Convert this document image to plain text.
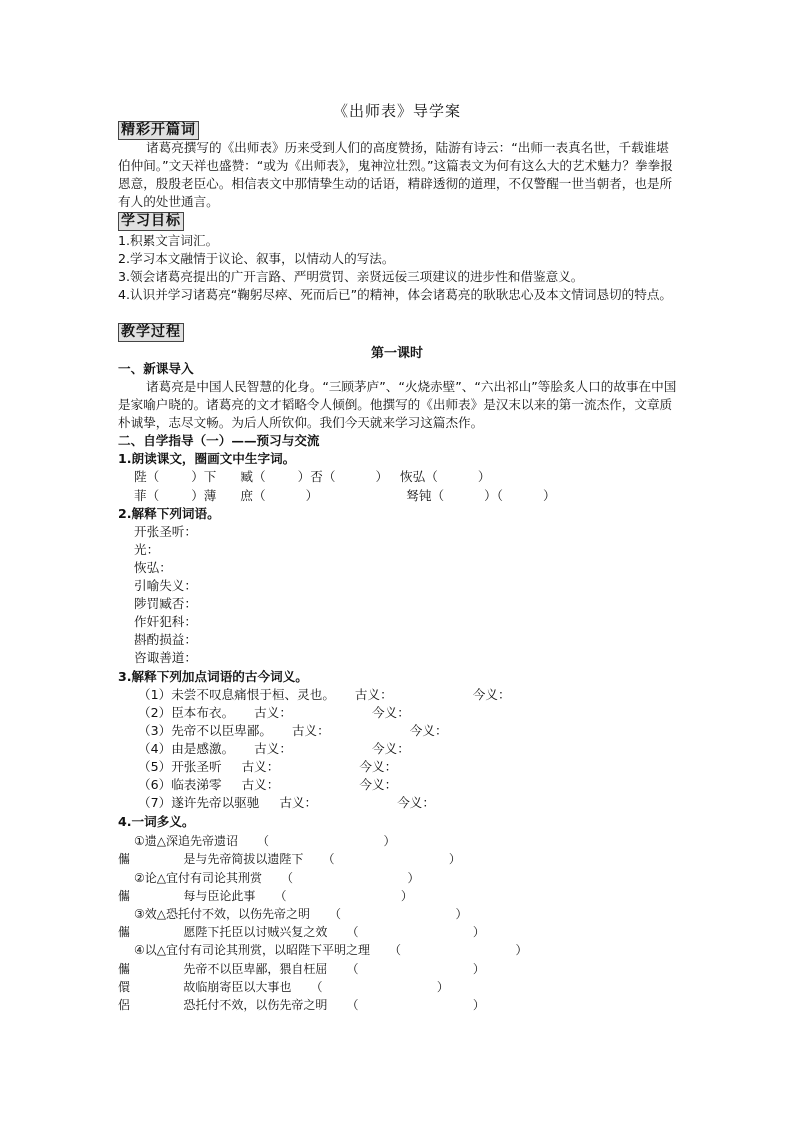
《出师表》导学案
精彩开篇词
诸葛亮撰写的《出师表》历来受到人们的高度赞扬，陆游有诗云：“出师一表真名世，千载谁堪伯仲间。”文天祥也盛赞：“或为《出师表》，鬼神泣壮烈。”这篇表文为何有这么大的艺术魅力？拳拳报恩意，殷殷老臣心。相信表文中那情挚生动的话语，精辟透彻的道理，不仅警醒一世当朝者，也是所有人的处世通言。
学习目标
1.积累文言词汇。
2.学习本文融情于议论、叙事，以情动人的写法。
3.领会诸葛亮提出的广开言路、严明赏罚、亲贤远佞三项建议的进步性和借鉴意义。
4.认识并学习诸葛亮“鞠躬尽瘁、死而后已”的精神，体会诸葛亮的耿耿忠心及本文情词恳切的特点。
教学过程
第一课时
一、新课导入
诸葛亮是中国人民智慧的化身。“三顾茅庐”、“火烧赤壁”、“六出祁山”等脍炙人口的故事在中国是家喻户晓的。诸葛亮的文才韬略令人倾倒。他撰写的《出师表》是汉末以来的第一流杰作，文章质朴诚挚，志尽文畅。为后人所钦仰。我们今天就来学习这篇杰作。
二、自学指导（一）——预习与交流
1.朗读课文，圈画文中生字词。
陛（        ）下      臧（        ）否（          ）   恢弘（          ）
菲（        ）薄      庶（          ）                      驽钝（          ）（          ）
2.解释下列词语。
开张圣听：
光：
恢弘：
引喻失义：
陟罚臧否：
作奸犯科：
斟酌损益：
咨诹善道：
3.解释下列加点词语的古今词义。
（1）未尝不叹息痛恨于桓、灵也。     古义：                    今义：
（2）臣本布衣。     古义：                    今义：
（3）先帝不以臣卑鄙。     古义：                    今义：
（4）由是感激。     古义：                    今义：
（5）开张圣听     古义：                    今义：
（6）临表涕零     古义：                    今义：
（7）遂许先帝以驱驰     古义：                    今义：
4.一词多义。
①遗△深追先帝遗诏     （                              ）
儶              是与先帝简拔以遗陛下     （                              ）
②论△宜付有司论其刑赏     （                              ）
儶              每与臣论此事     （                              ）
③效△恐托付不效，以伤先帝之明     （                              ）
儶              愿陛下托臣以讨贼兴复之效     （                              ）
④以△宜付有司论其刑赏，以昭陛下平明之理     （                              ）
儶              先帝不以臣卑鄙，猥自枉屈     （                              ）
儇              故临崩寄臣以大事也     （                              ）
侶              恐托付不效，以伤先帝之明     （                              ）
